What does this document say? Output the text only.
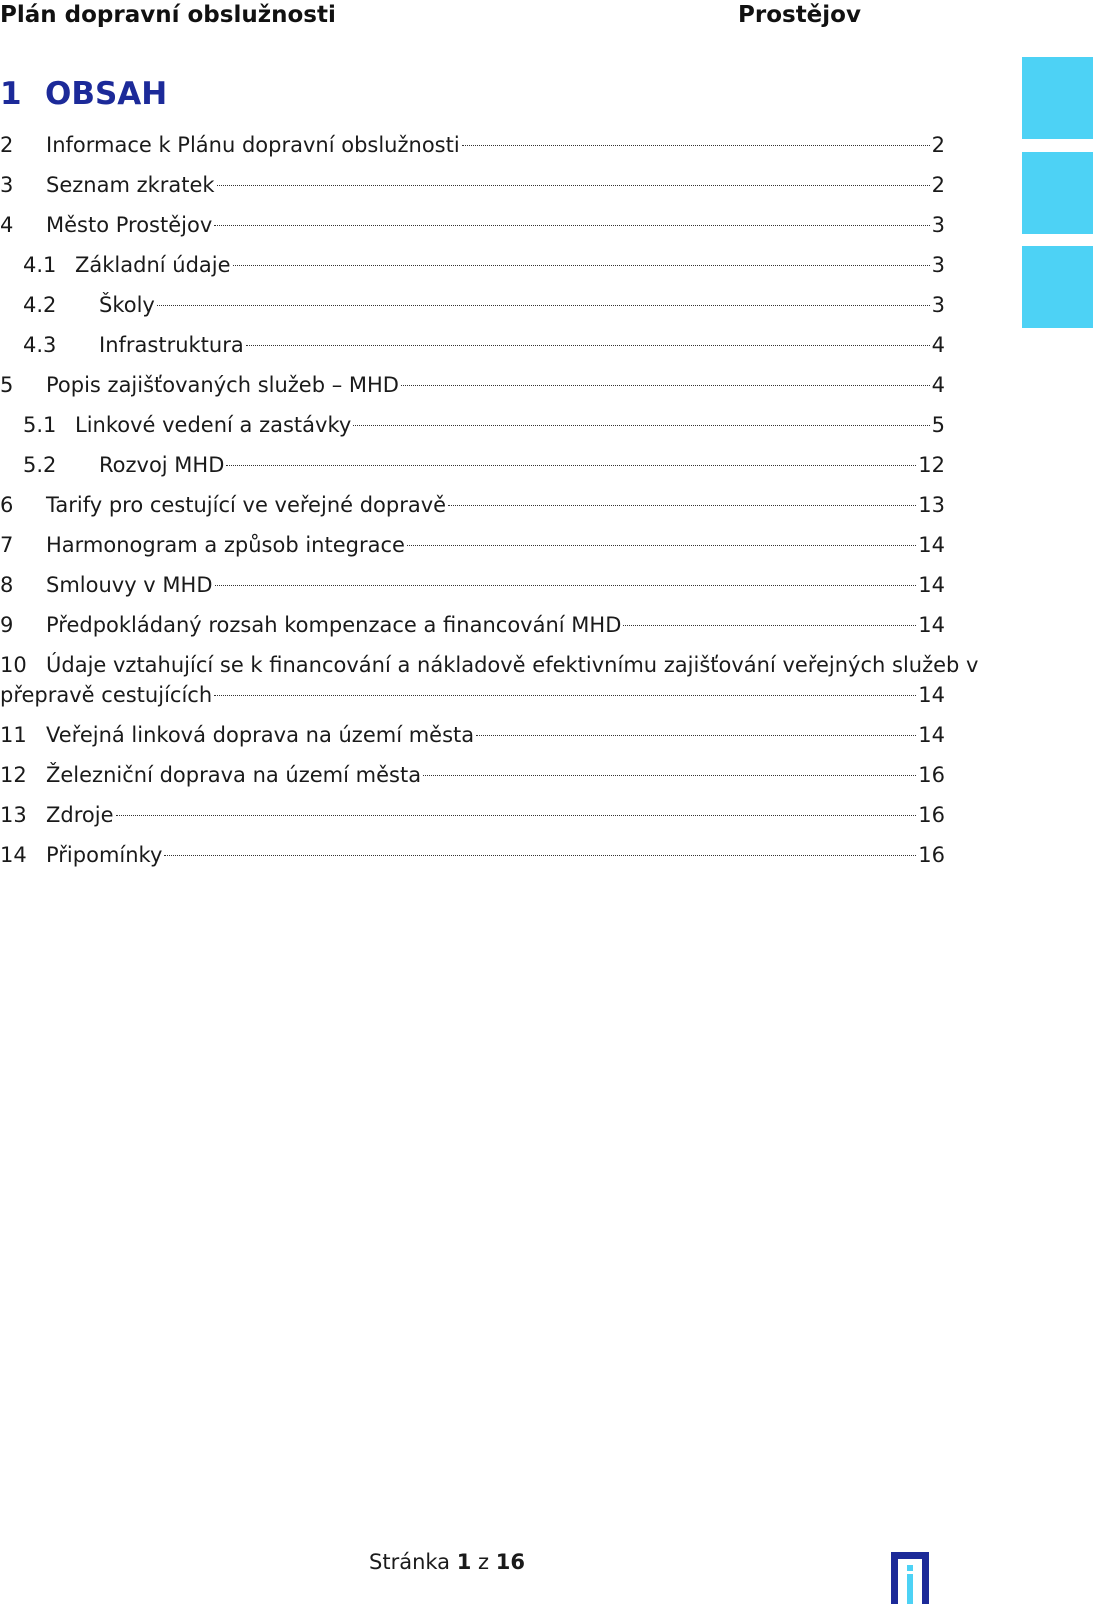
Plán dopravní obslužnosti	Prostějov
1 OBSAH
2	Informace k Plánu dopravní obslužnosti	2
3	Seznam zkratek	2
4	Město Prostějov	3
4.1 Základní údaje	3
4.2	Školy	3
4.3	Infrastruktura	4
5	Popis zajišťovaných služeb – MHD	4
5.1 Linkové vedení a zastávky	5
5.2	Rozvoj MHD	12
6	Tarify pro cestující ve veřejné dopravě	13
7	Harmonogram a způsob integrace	14
8	Smlouvy v MHD	14
9	Předpokládaný rozsah kompenzace a financování MHD	14
10 Údaje vztahující se k financování a nákladově efektivnímu zajišťování veřejných služeb v
přepravě cestujících	14
11 Veřejná linková doprava na území města	14
12 Železniční doprava na území města	16
13 Zdroje	16
14 Připomínky	16
Stránka 1 z 16
